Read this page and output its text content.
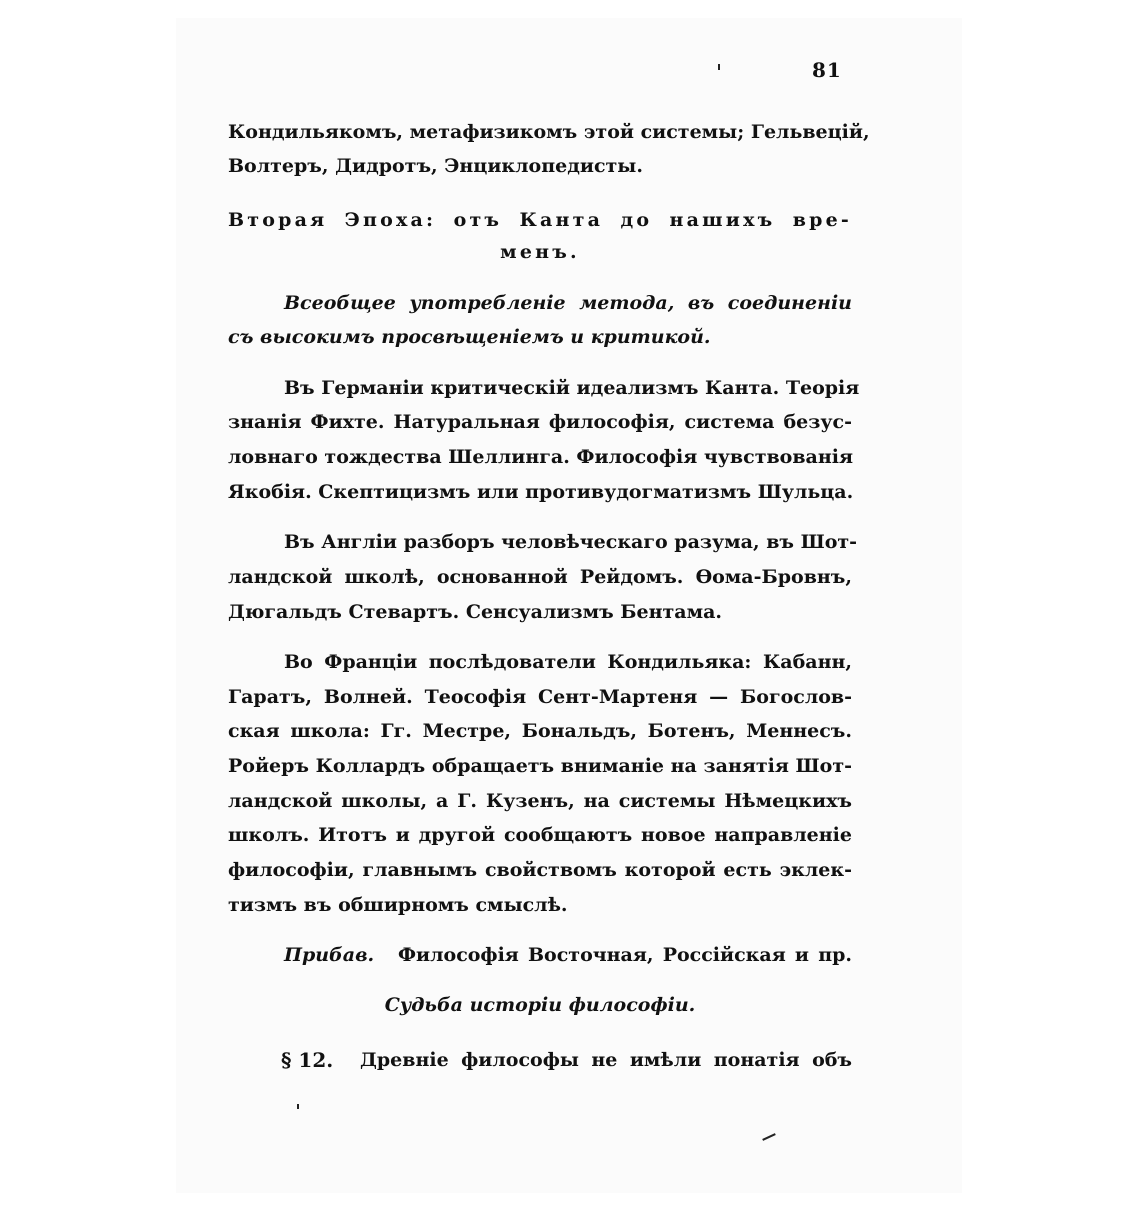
81
Кондильякомъ, метафизикомъ этой системы; Гельвецій,
Волтеръ, Дидротъ, Энциклопедисты.
Вторая Эпоха: отъ Канта до нашихъ вре-
менъ.
Всеобщее употребленіе метода, въ соединеніи
съ высокимъ просвѣщеніемъ и критикой.
Въ Германіи критическій идеализмъ Канта. Теорія
знанія Фихте. Натуральная философія, система безус-
ловнаго тождества Шеллинга. Философія чувствованія
Якобія. Скептицизмъ или противудогматизмъ Шульца.
Въ Англіи разборъ человѣческаго разума, въ Шот-
ландской школѣ, основанной Рейдомъ. Ѳома-Бровнъ,
Дюгальдъ Стевартъ. Сенсуализмъ Бентама.
Во Франціи послѣдователи Кондильяка: Кабанн,
Гаратъ, Волней. Теософія Сент-Мартеня — Богослов-
ская школа: Гг. Местре, Бональдъ, Ботенъ, Меннесъ.
Ройеръ Коллардъ обращаетъ вниманіе на занятія Шот-
ландской школы, а Г. Кузенъ, на системы Нѣмецкихъ
школъ. Итотъ и другой сообщаютъ новое направленіе
философіи, главнымъ свойствомъ которой есть эклек-
тизмъ въ обширномъ смыслѣ.
Прибав. Философія Восточная, Россійская и пр.
Судьба исторіи философіи.
§ 12. Древніе философы не имѣли понатія объ
